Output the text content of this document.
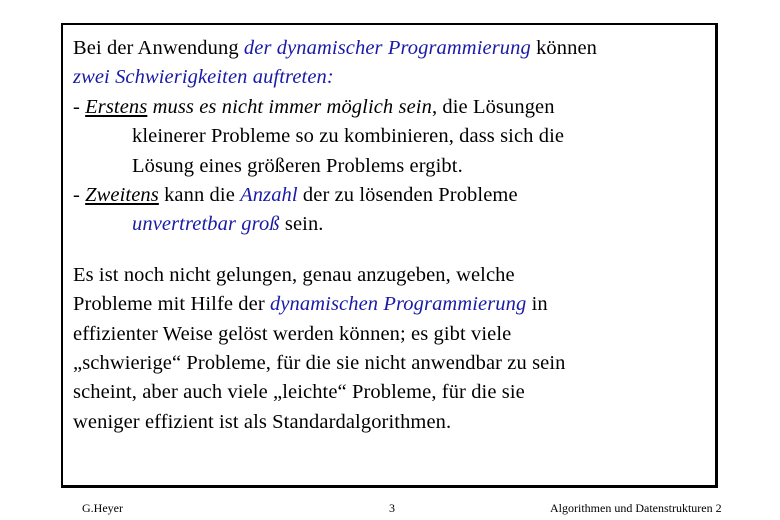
Bei der Anwendung der dynamischer Programmierung können
zwei Schwierigkeiten auftreten:

- Erstens muss es nicht immer möglich sein, die Lösungen
kleinerer Probleme so zu kombinieren, dass sich die
Lösung eines größeren Problems ergibt.

- Zweitens kann die Anzahl der zu lösenden Probleme
unvertretbar groß sein.

Es ist noch nicht gelungen, genau anzugeben, welche
Probleme mit Hilfe der dynamischen Programmierung in
effizienter Weise gelöst werden können; es gibt viele
„schwierige“ Probleme, für die sie nicht anwendbar zu sein
scheint, aber auch viele „leichte“ Probleme, für die sie
weniger effizient ist als Standardalgorithmen.

G.Heyer	3	Algorithmen und Datenstrukturen 2
